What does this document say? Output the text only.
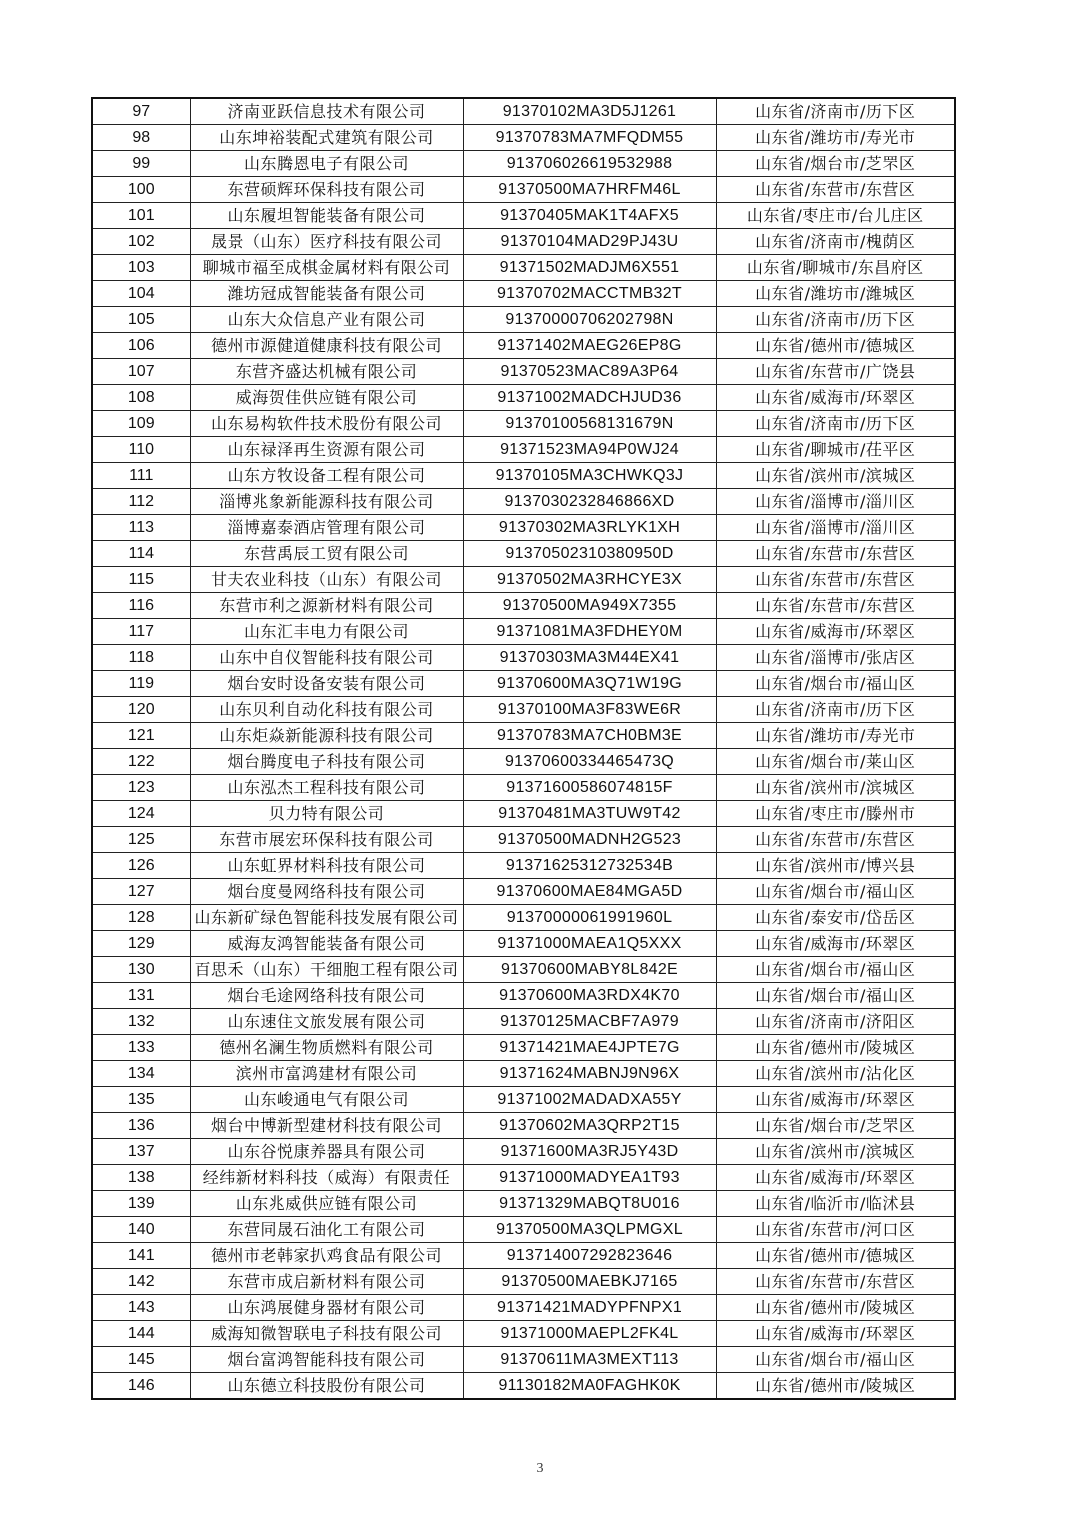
97	济南亚跃信息技术有限公司	91370102MA3D5J1261	山东省/济南市/历下区
98	山东坤裕装配式建筑有限公司	91370783MA7MFQDM55	山东省/潍坊市/寿光市
99	山东腾恩电子有限公司	913706026619532988	山东省/烟台市/芝罘区
100	东营硕辉环保科技有限公司	91370500MA7HRFM46L	山东省/东营市/东营区
101	山东履坦智能装备有限公司	91370405MAK1T4AFX5	山东省/枣庄市/台儿庄区
102	晟景（山东）医疗科技有限公司	91370104MAD29PJ43U	山东省/济南市/槐荫区
103	聊城市福至成棋金属材料有限公司	91371502MADJM6X551	山东省/聊城市/东昌府区
104	潍坊冠成智能装备有限公司	91370702MACCTMB32T	山东省/潍坊市/潍城区
105	山东大众信息产业有限公司	91370000706202798N	山东省/济南市/历下区
106	德州市源健道健康科技有限公司	91371402MAEG26EP8G	山东省/德州市/德城区
107	东营齐盛达机械有限公司	91370523MAC89A3P64	山东省/东营市/广饶县
108	威海贺佳供应链有限公司	91371002MADCHJUD36	山东省/威海市/环翠区
109	山东易构软件技术股份有限公司	91370100568131679N	山东省/济南市/历下区
110	山东禄泽再生资源有限公司	91371523MA94P0WJ24	山东省/聊城市/茌平区
111	山东方牧设备工程有限公司	91370105MA3CHWKQ3J	山东省/滨州市/滨城区
112	淄博兆象新能源科技有限公司	9137030232846866XD	山东省/淄博市/淄川区
113	淄博嘉泰酒店管理有限公司	91370302MA3RLYK1XH	山东省/淄博市/淄川区
114	东营禹辰工贸有限公司	91370502310380950D	山东省/东营市/东营区
115	甘夫农业科技（山东）有限公司	91370502MA3RHCYE3X	山东省/东营市/东营区
116	东营市利之源新材料有限公司	91370500MA949X7355	山东省/东营市/东营区
117	山东汇丰电力有限公司	91371081MA3FDHEY0M	山东省/威海市/环翠区
118	山东中自仪智能科技有限公司	91370303MA3M44EX41	山东省/淄博市/张店区
119	烟台安时设备安装有限公司	91370600MA3Q71W19G	山东省/烟台市/福山区
120	山东贝利自动化科技有限公司	91370100MA3F83WE6R	山东省/济南市/历下区
121	山东炬焱新能源科技有限公司	91370783MA7CH0BM3E	山东省/潍坊市/寿光市
122	烟台腾度电子科技有限公司	91370600334465473Q	山东省/烟台市/莱山区
123	山东泓杰工程科技有限公司	91371600586074815F	山东省/滨州市/滨城区
124	贝力特有限公司	91370481MA3TUW9T42	山东省/枣庄市/滕州市
125	东营市展宏环保科技有限公司	91370500MADNH2G523	山东省/东营市/东营区
126	山东虹界材料科技有限公司	91371625312732534B	山东省/滨州市/博兴县
127	烟台度曼网络科技有限公司	91370600MAE84MGA5D	山东省/烟台市/福山区
128	山东新矿绿色智能科技发展有限公司	91370000061991960L	山东省/泰安市/岱岳区
129	威海友鸿智能装备有限公司	91371000MAEA1Q5XXX	山东省/威海市/环翠区
130	百思禾（山东）干细胞工程有限公司	91370600MABY8L842E	山东省/烟台市/福山区
131	烟台毛途网络科技有限公司	91370600MA3RDX4K70	山东省/烟台市/福山区
132	山东速住文旅发展有限公司	91370125MACBF7A979	山东省/济南市/济阳区
133	德州名澜生物质燃料有限公司	91371421MAE4JPTE7G	山东省/德州市/陵城区
134	滨州市富鸿建材有限公司	91371624MABNJ9N96X	山东省/滨州市/沾化区
135	山东峻通电气有限公司	91371002MADADXA55Y	山东省/威海市/环翠区
136	烟台中博新型建材科技有限公司	91370602MA3QRP2T15	山东省/烟台市/芝罘区
137	山东谷悦康养器具有限公司	91371600MA3RJ5Y43D	山东省/滨州市/滨城区
138	经纬新材料科技（威海）有限责任	91371000MADYEA1T93	山东省/威海市/环翠区
139	山东兆威供应链有限公司	91371329MABQT8U016	山东省/临沂市/临沭县
140	东营同晟石油化工有限公司	91370500MA3QLPMGXL	山东省/东营市/河口区
141	德州市老韩家扒鸡食品有限公司	913714007292823646	山东省/德州市/德城区
142	东营市成启新材料有限公司	91370500MAEBKJ7165	山东省/东营市/东营区
143	山东鸿展健身器材有限公司	91371421MADYPFNPX1	山东省/德州市/陵城区
144	威海知微智联电子科技有限公司	91371000MAEPL2FK4L	山东省/威海市/环翠区
145	烟台富鸿智能科技有限公司	91370611MA3MEXT113	山东省/烟台市/福山区
146	山东德立科技股份有限公司	91130182MA0FAGHK0K	山东省/德州市/陵城区
3
